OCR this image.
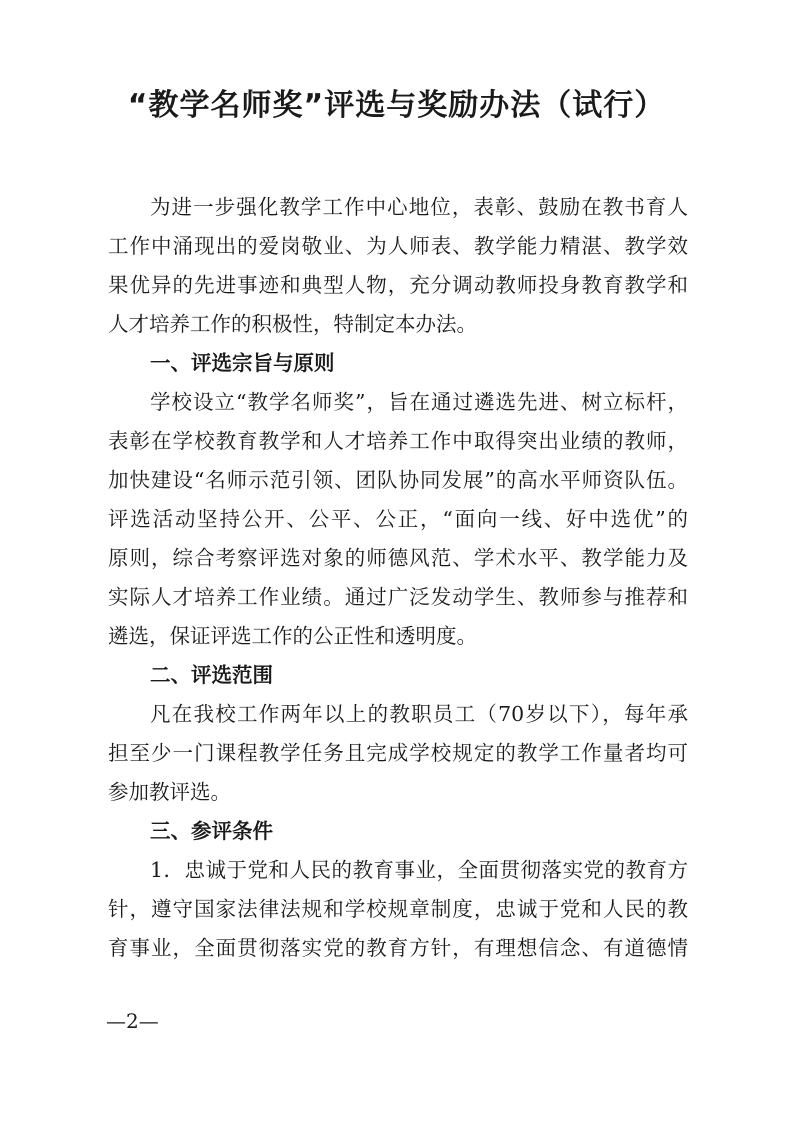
“教学名师奖”评选与奖励办法（试行）
为进一步强化教学工作中心地位，表彰、鼓励在教书育人
工作中涌现出的爱岗敬业、为人师表、教学能力精湛、教学效
果优异的先进事迹和典型人物，充分调动教师投身教育教学和
人才培养工作的积极性，特制定本办法。
一、评选宗旨与原则
学校设立“教学名师奖”，旨在通过遴选先进、树立标杆，
表彰在学校教育教学和人才培养工作中取得突出业绩的教师，
加快建设“名师示范引领、团队协同发展”的高水平师资队伍。
评选活动坚持公开、公平、公正，“面向一线、好中选优”的
原则，综合考察评选对象的师德风范、学术水平、教学能力及
实际人才培养工作业绩。通过广泛发动学生、教师参与推荐和
遴选，保证评选工作的公正性和透明度。
二、评选范围
凡在我校工作两年以上的教职员工（70岁以下），每年承
担至少一门课程教学任务且完成学校规定的教学工作量者均可
参加教评选。
三、参评条件
1．忠诚于党和人民的教育事业，全面贯彻落实党的教育方
针，遵守国家法律法规和学校规章制度，忠诚于党和人民的教
育事业，全面贯彻落实党的教育方针，有理想信念、有道德情
—2—
